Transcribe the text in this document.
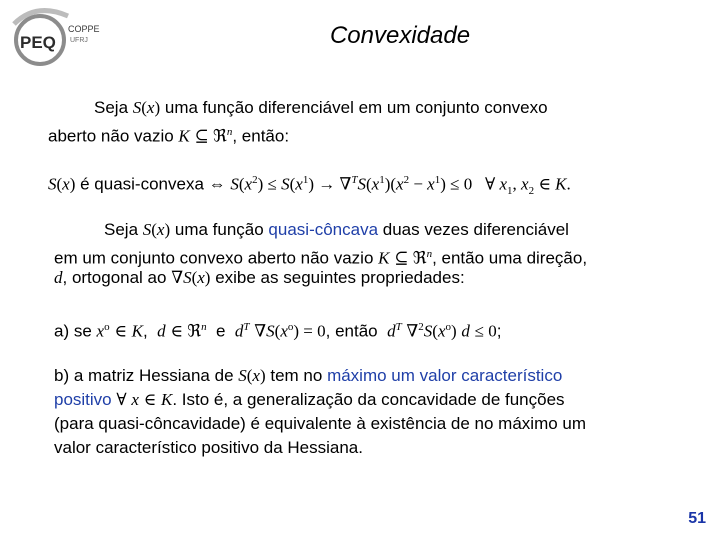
PEQ
COPPE
UFRJ	Convexidade
Seja S(x) uma função diferenciável em um conjunto convexo
aberto não vazio K ⊆ ℜ$^n$, então:
S(x) é quasi-convexa ⇔ $S(x^2) \le S(x^1) \to \nabla^TS(x^1)(x^2 - x^1) \le 0$   ∀ $x_1$, $x_2$ ∈ K.
Seja S(x) uma função quasi-côncava duas vezes diferenciável
em um conjunto convexo aberto não vazio K ⊆ ℜ$^n$, então uma direção,
d, ortogonal ao ∇S(x) exibe as seguintes propriedades:
a) se $x^o$ ∈ K,  d ∈ ℜ$^n$  e  $d^T$ $\nabla S(x^o) = 0$, então  $d^T$ $\nabla^2S(x^o) d \le 0$;
b) a matriz Hessiana de S(x) tem no máximo um valor característico
positivo ∀ x ∈ K. Isto é, a generalização da concavidade de funções
(para quasi-côncavidade) é equivalente à existência de no máximo um
valor característico positivo da Hessiana.
51
